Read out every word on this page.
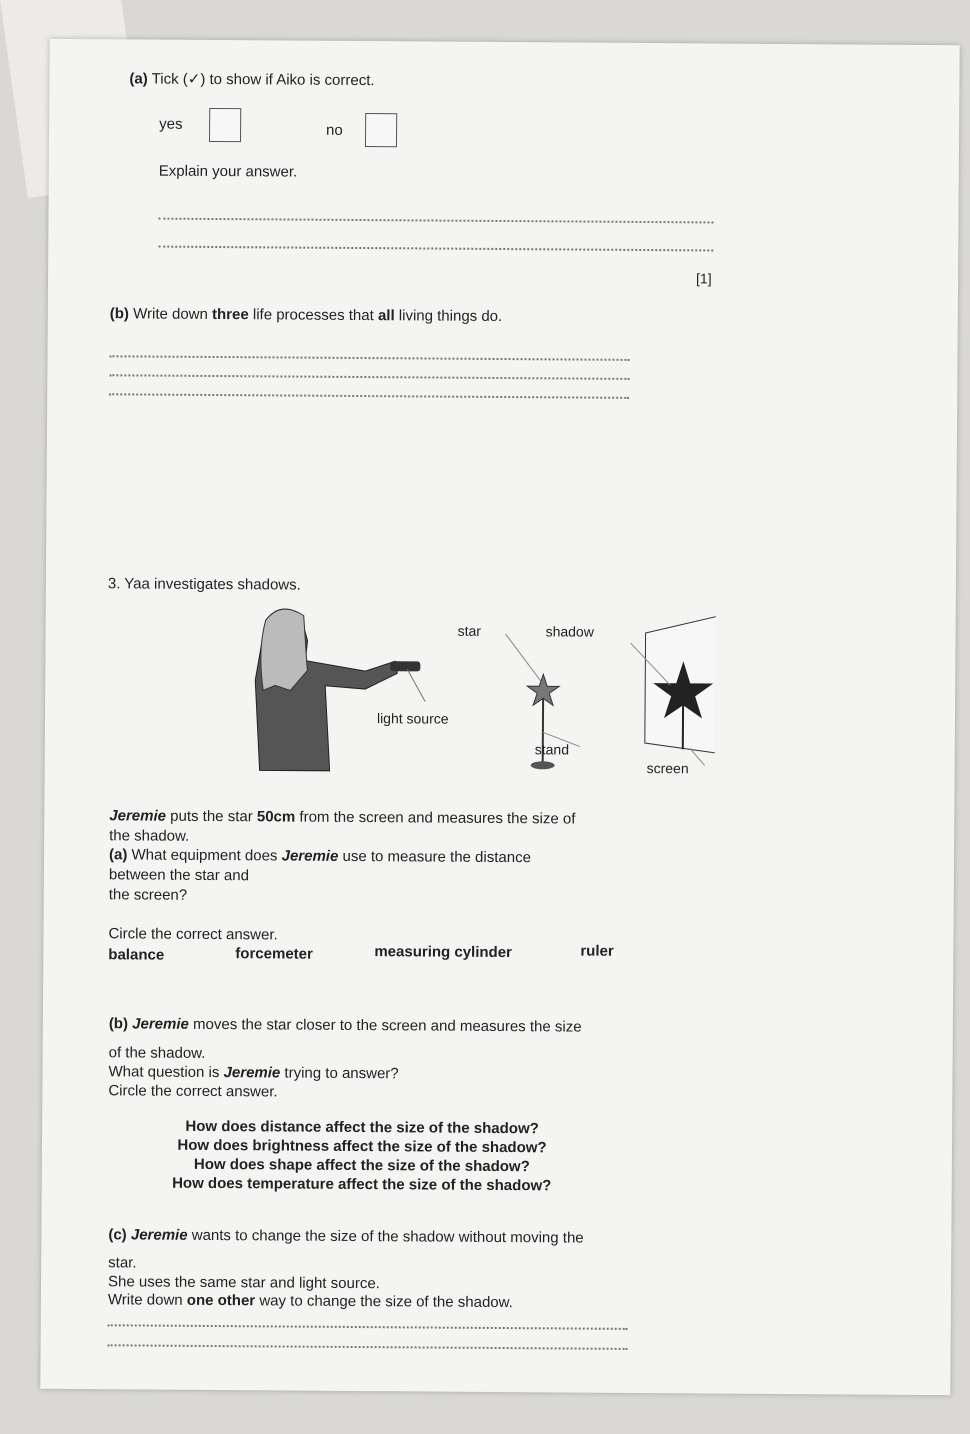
(a) Tick (✓) to show if Aiko is correct.
yes	no
Explain your answer.
[1]
(b) Write down three life processes that all living things do.
3. Yaa investigates shadows.
star	shadow
light source
stand
screen
Jeremie puts the star 50cm from the screen and measures the size of
the shadow.
(a) What equipment does Jeremie use to measure the distance
between the star and
the screen?
Circle the correct answer.
balance	forcemeter	measuring cylinder	ruler
(b) Jeremie moves the star closer to the screen and measures the size
of the shadow.
What question is Jeremie trying to answer?
Circle the correct answer.
How does distance affect the size of the shadow?
How does brightness affect the size of the shadow?
How does shape affect the size of the shadow?
How does temperature affect the size of the shadow?
(c) Jeremie wants to change the size of the shadow without moving the
star.
She uses the same star and light source.
Write down one other way to change the size of the shadow.
